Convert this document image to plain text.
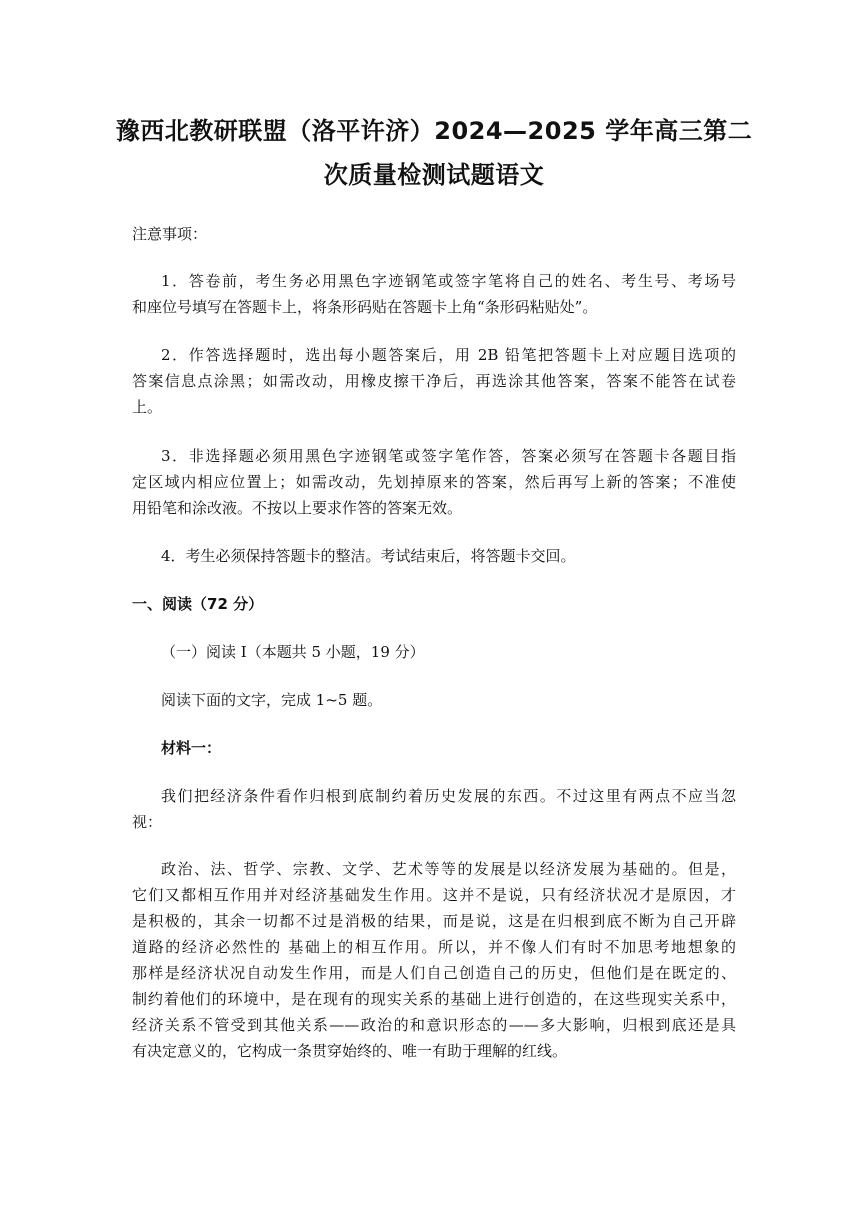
豫西北教研联盟（洛平许济）2024—2025 学年高三第二
次质量检测试题语文
注意事项：
1．答卷前，考生务必用黑色字迹钢笔或签字笔将自己的姓名、考生号、考场号
和座位号填写在答题卡上，将条形码贴在答题卡上角“条形码粘贴处”。
2．作答选择题时，选出每小题答案后，用 2B 铅笔把答题卡上对应题目选项的
答案信息点涂黑；如需改动，用橡皮擦干净后，再选涂其他答案，答案不能答在试卷
上。
3．非选择题必须用黑色字迹钢笔或签字笔作答，答案必须写在答题卡各题目指
定区域内相应位置上；如需改动，先划掉原来的答案，然后再写上新的答案；不准使
用铅笔和涂改液。不按以上要求作答的答案无效。
4．考生必须保持答题卡的整洁。考试结束后，将答题卡交回。
一、阅读（72 分）
（一）阅读 I（本题共 5 小题，19 分）
阅读下面的文字，完成 1~5 题。
材料一：
我们把经济条件看作归根到底制约着历史发展的东西。不过这里有两点不应当忽
视：
政治、法、哲学、宗教、文学、艺术等等的发展是以经济发展为基础的。但是，
它们又都相互作用并对经济基础发生作用。这并不是说，只有经济状况才是原因，才
是积极的，其余一切都不过是消极的结果，而是说，这是在归根到底不断为自己开辟
道路的经济必然性的 基础上的相互作用。所以，并不像人们有时不加思考地想象的
那样是经济状况自动发生作用，而是人们自己创造自己的历史，但他们是在既定的、
制约着他们的环境中，是在现有的现实关系的基础上进行创造的，在这些现实关系中，
经济关系不管受到其他关系——政治的和意识形态的——多大影响，归根到底还是具
有决定意义的，它构成一条贯穿始终的、唯一有助于理解的红线。
